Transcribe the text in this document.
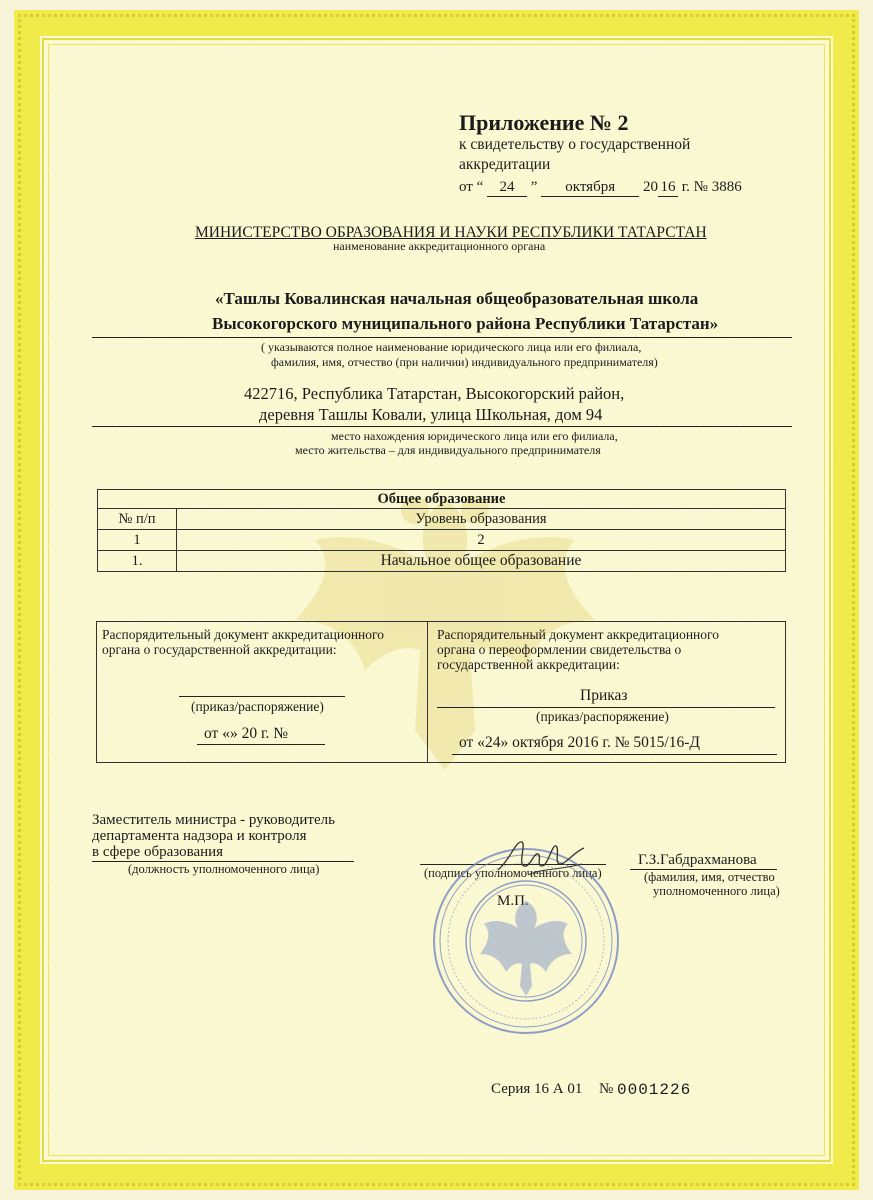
Приложение № 2
к свидетельству о государственной
аккредитации
от “ 24 ” октября 20 16 г. № 3886
МИНИСТЕРСТВО ОБРАЗОВАНИЯ И НАУКИ РЕСПУБЛИКИ ТАТАРСТАН
наименование аккредитационного органа
«Ташлы Ковалинская начальная общеобразовательная школа
Высокогорского муниципального района Республики Татарстан»
( указываются полное наименование юридического лица или его филиала,
фамилия, имя, отчество (при наличии) индивидуального предпринимателя)
422716, Республика Татарстан, Высокогорский район,
деревня Ташлы Ковали, улица Школьная, дом 94
место нахождения юридического лица или его филиала,
место жительства – для индивидуального предпринимателя
Общее образование	
№ п/п	Уровень образования
1	2
1.	Начальное общее образование
Распорядительный документ аккредитационного
органа о государственной аккредитации:
(приказ/распоряжение)
от «» 20 г. №
Распорядительный документ аккредитационного
органа о переоформлении свидетельства о
государственной аккредитации:
Приказ
(приказ/распоряжение)
от «24» октября 2016 г. № 5015/16-Д
Заместитель министра - руководитель
департамента надзора и контроля
в сфере образования
(должность уполномоченного лица)	(подпись уполномоченного лица)
М.П.
Г.З.Габдрахманова
(фамилия, имя, отчество
уполномоченного лица)
Серия 16 А 01 № 0001226
